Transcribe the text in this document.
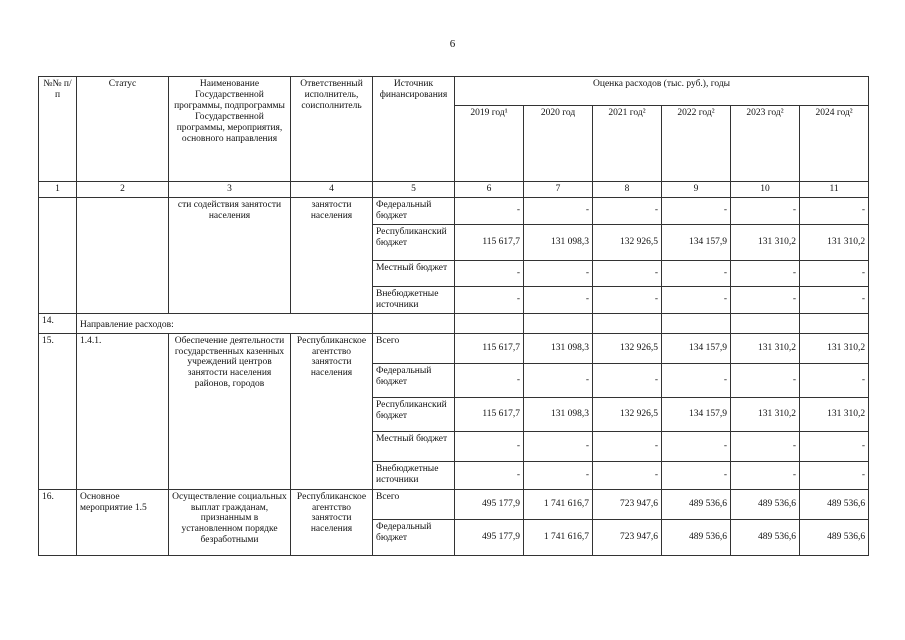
6
№№ п/п	Статус	Наименование Государственной программы, подпрограммы Государственной программы, мероприятия, основного направления	Ответственный исполнитель, соисполнитель	Источник финансирования	Оценка расходов (тыс. руб.), годы					
					2019 год¹	2020 год	2021 год²	2022 год²	2023 год²	2024 год²
1	2	3	4	5	6	7	8	9	10	11
		сти содействия занятости населения	занятости населения	Федеральный бюджет	-	-	-	-	-	-
				Республиканский бюджет	115 617,7	131 098,3	132 926,5	134 157,9	131 310,2	131 310,2
				Местный бюджет	-	-	-	-	-	-
				Внебюджетные источники	-	-	-	-	-	-
14.	Направление расходов:									
15.	1.4.1.	Обеспечение деятельности государственных казенных учреждений центров занятости населения районов, городов	Республиканское агентство занятости населения	Всего	115 617,7	131 098,3	132 926,5	134 157,9	131 310,2	131 310,2
				Федеральный бюджет	-	-	-	-	-	-
				Республиканский бюджет	115 617,7	131 098,3	132 926,5	134 157,9	131 310,2	131 310,2
				Местный бюджет	-	-	-	-	-	-
				Внебюджетные источники	-	-	-	-	-	-
16.	Основное мероприятие 1.5	Осуществление социальных выплат гражданам, признанным в установленном порядке безработными	Республиканское агентство занятости населения	Всего	495 177,9	1 741 616,7	723 947,6	489 536,6	489 536,6	489 536,6
				Федеральный бюджет	495 177,9	1 741 616,7	723 947,6	489 536,6	489 536,6	489 536,6
